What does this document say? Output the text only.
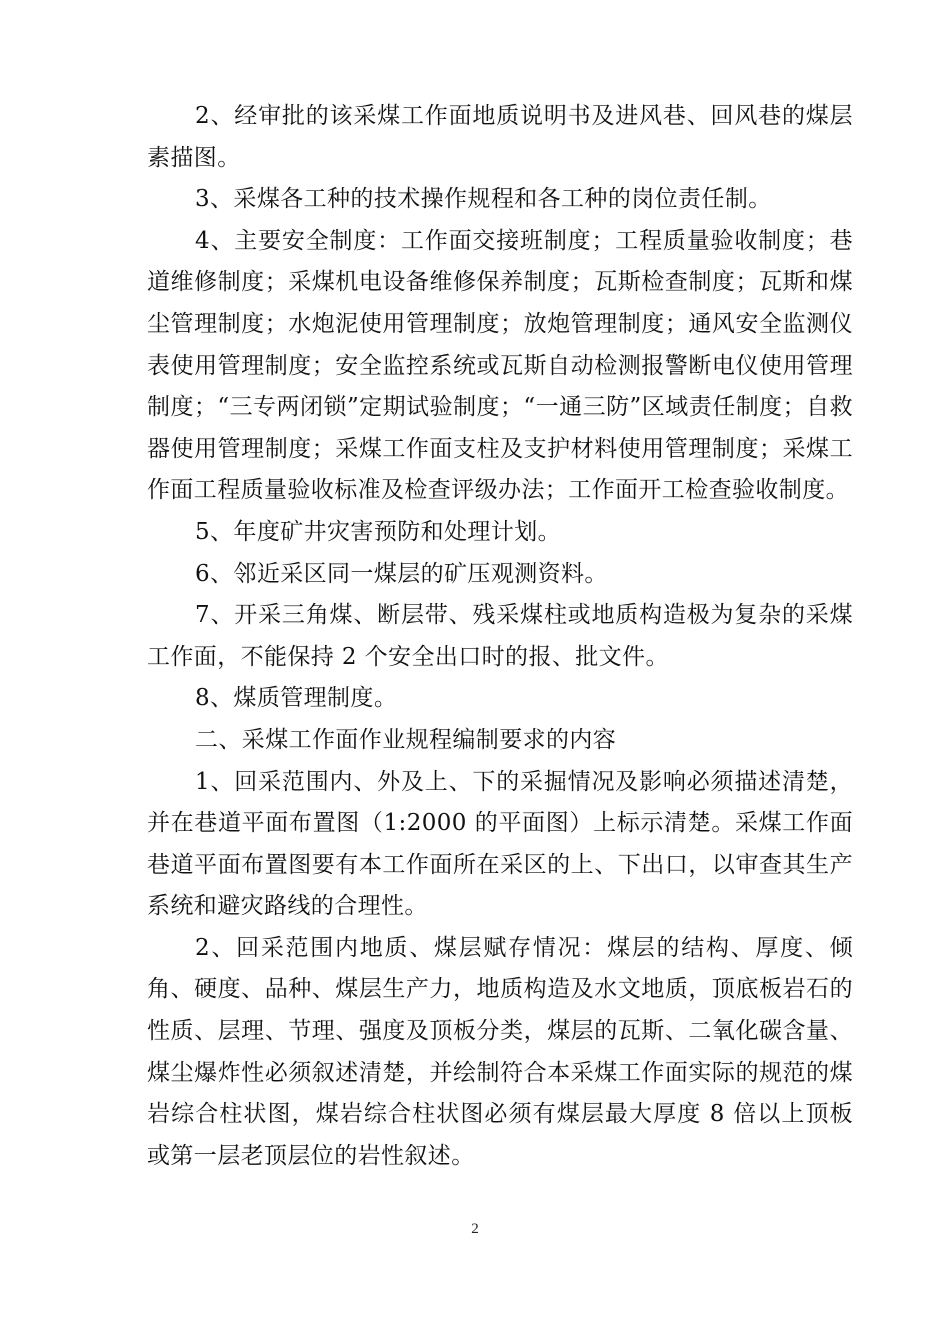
2、经审批的该采煤工作面地质说明书及进风巷、回风巷的煤层素描图。

3、采煤各工种的技术操作规程和各工种的岗位责任制。

4、主要安全制度：工作面交接班制度；工程质量验收制度；巷道维修制度；采煤机电设备维修保养制度；瓦斯检查制度；瓦斯和煤尘管理制度；水炮泥使用管理制度；放炮管理制度；通风安全监测仪表使用管理制度；安全监控系统或瓦斯自动检测报警断电仪使用管理制度；“三专两闭锁”定期试验制度；“一通三防”区域责任制度；自救器使用管理制度；采煤工作面支柱及支护材料使用管理制度；采煤工作面工程质量验收标准及检查评级办法；工作面开工检查验收制度。

5、年度矿井灾害预防和处理计划。

6、邻近采区同一煤层的矿压观测资料。

7、开采三角煤、断层带、残采煤柱或地质构造极为复杂的采煤工作面，不能保持 2 个安全出口时的报、批文件。

8、煤质管理制度。

二、采煤工作面作业规程编制要求的内容

1、回采范围内、外及上、下的采掘情况及影响必须描述清楚，并在巷道平面布置图（1:2000 的平面图）上标示清楚。采煤工作面巷道平面布置图要有本工作面所在采区的上、下出口，以审查其生产系统和避灾路线的合理性。

2、回采范围内地质、煤层赋存情况：煤层的结构、厚度、倾角、硬度、品种、煤层生产力，地质构造及水文地质，顶底板岩石的性质、层理、节理、强度及顶板分类，煤层的瓦斯、二氧化碳含量、煤尘爆炸性必须叙述清楚，并绘制符合本采煤工作面实际的规范的煤岩综合柱状图，煤岩综合柱状图必须有煤层最大厚度 8 倍以上顶板或第一层老顶层位的岩性叙述。

2
